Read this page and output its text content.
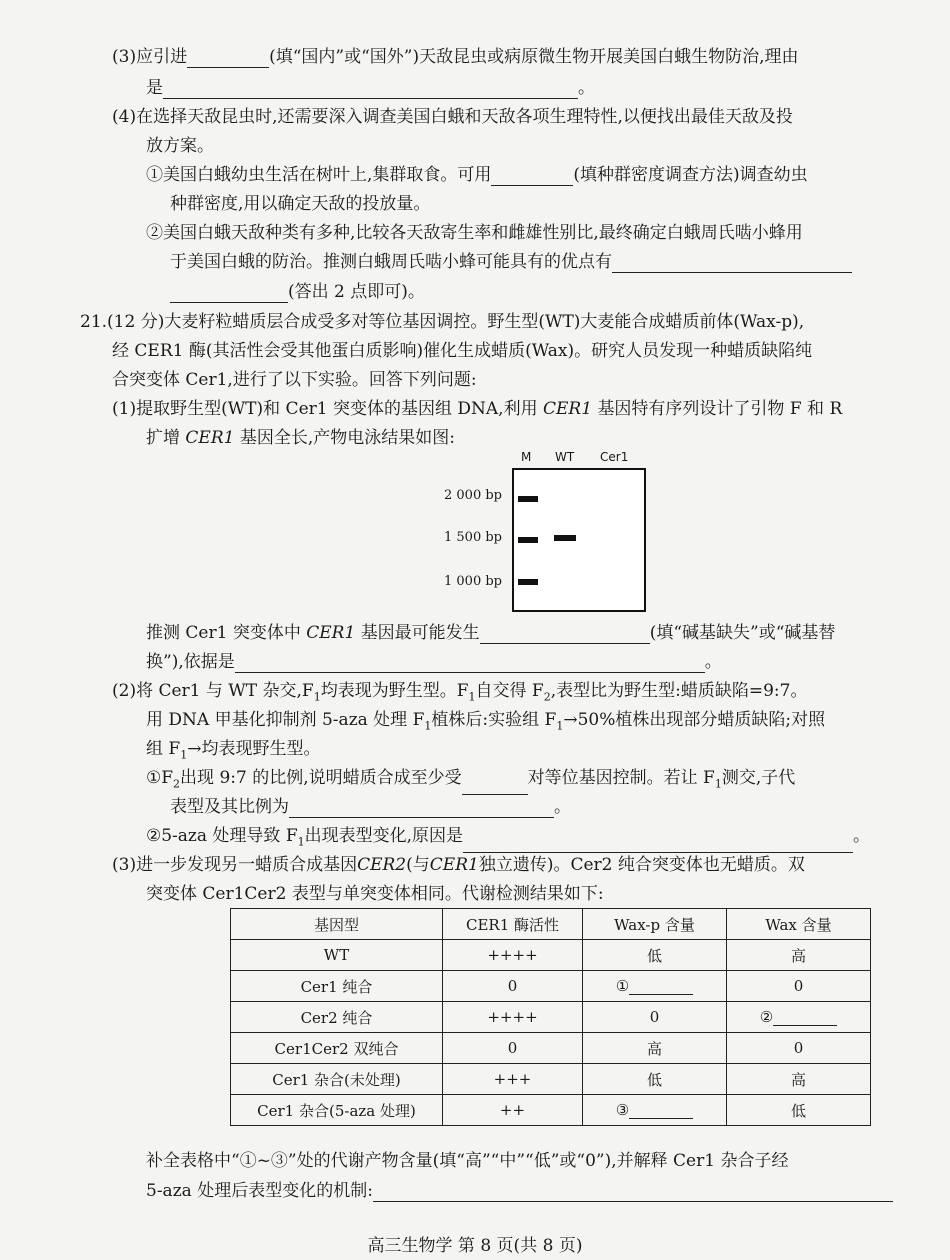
(3)应引进	(填“国内”或“国外”)天敌昆虫或病原微生物开展美国白蛾生物防治,理由
是	。
(4)在选择天敌昆虫时,还需要深入调查美国白蛾和天敌各项生理特性,以便找出最佳天敌及投
放方案。
①美国白蛾幼虫生活在树叶上,集群取食。可用	(填种群密度调查方法)调查幼虫
种群密度,用以确定天敌的投放量。
②美国白蛾天敌种类有多种,比较各天敌寄生率和雌雄性别比,最终确定白蛾周氏啮小蜂用
于美国白蛾的防治。推测白蛾周氏啮小蜂可能具有的优点有
(答出 2 点即可)。
21.(12 分)大麦籽粒蜡质层合成受多对等位基因调控。野生型(WT)大麦能合成蜡质前体(Wax-p),
经 CER1 酶(其活性会受其他蛋白质影响)催化生成蜡质(Wax)。研究人员发现一种蜡质缺陷纯
合突变体 Cer1,进行了以下实验。回答下列问题:
(1)提取野生型(WT)和 Cer1 突变体的基因组 DNA,利用 CER1 基因特有序列设计了引物 F 和 R
扩增 CER1 基因全长,产物电泳结果如图:
M WT Cer1
2 000 bp
1 500 bp
1 000 bp
推测 Cer1 突变体中 CER1 基因最可能发生	(填“碱基缺失”或“碱基替
换”),依据是	。
(2)将 Cer1 与 WT 杂交$,F_1$均表现为野生型。$F_1$自交得 $F_2$,表型比为野生型:蜡质缺陷=9:7。
用 DNA 甲基化抑制剂 5-aza 处理 $F_1$植株后:实验组 $F_1\to 50\%$植株出现部分蜡质缺陷;对照
组 $F_1\to$均表现野生型。
$①F_2$出现 9:7 的比例,说明蜡质合成至少受	对等位基因控制。若让 $F_1$测交,子代
表型及其比例为	。
②5-aza 处理导致 $F_1$出现表型变化,原因是	。
(3)进一步发现另一蜡质合成基因CER2(与CER1独立遗传)。Cer2 纯合突变体也无蜡质。双
突变体 Cer1Cer2 表型与单突变体相同。代谢检测结果如下:
基因型	CER1 酶活性	Wax-p 含量	Wax 含量
WT	++++	低	高
Cer1 纯合	0	①	0
Cer2 纯合	++++	0	②
Cer1Cer2 双纯合	0	高	0
Cer1 杂合(未处理)	+++	低	高
Cer1 杂合(5-aza 处理)	++	③	低
补全表格中“①~③”处的代谢产物含量(填“高”“中”“低”或“0”),并解释 Cer1 杂合子经
5-aza 处理后表型变化的机制:
高三生物学 第 8 页(共 8 页)
